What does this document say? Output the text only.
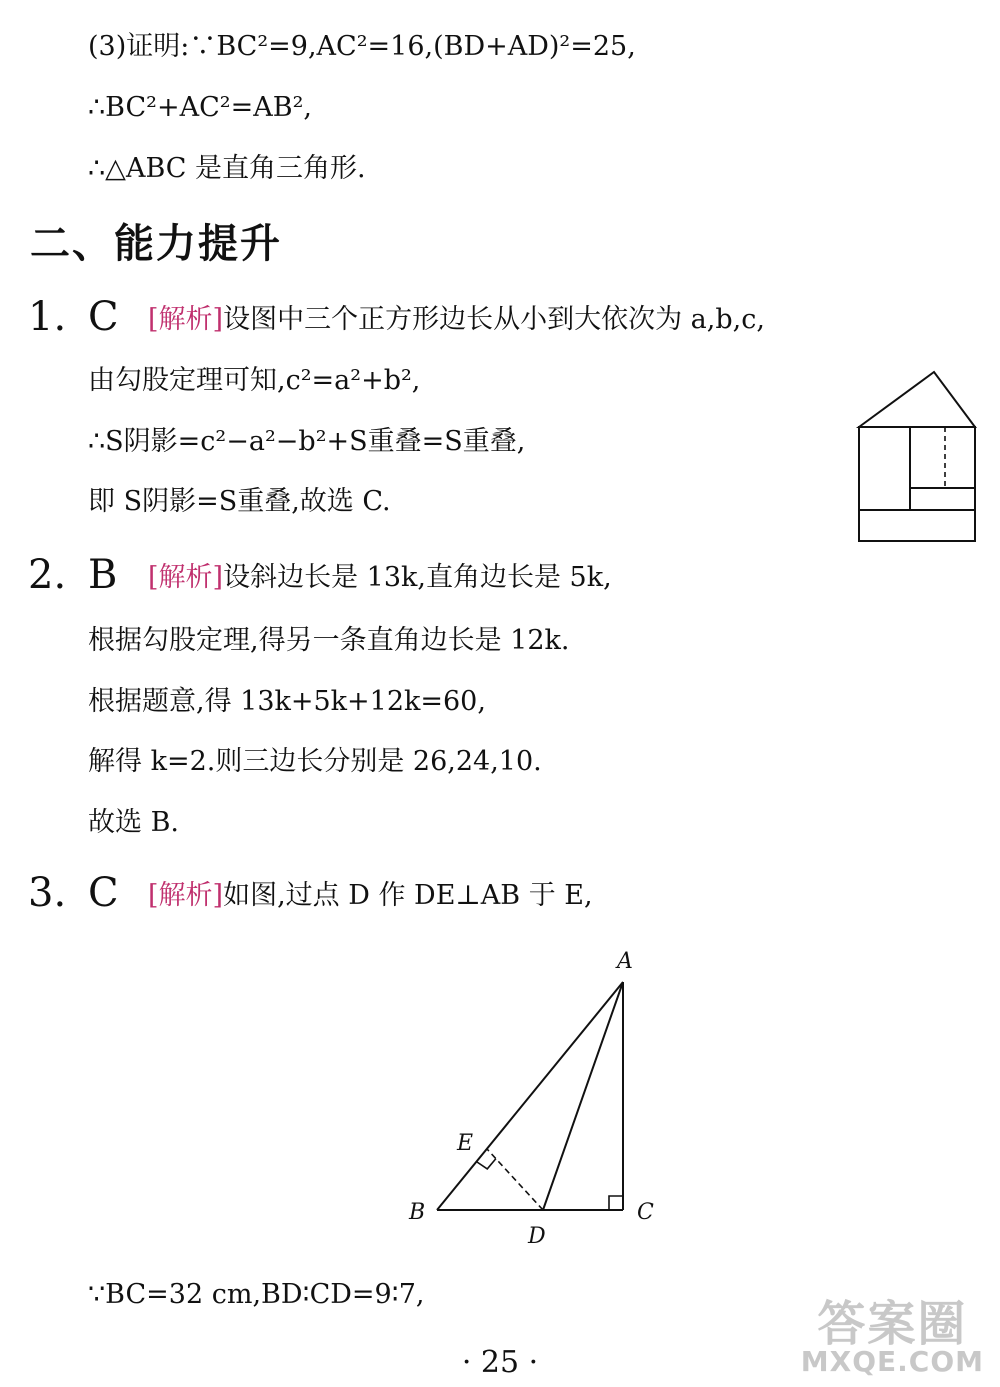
(3)证明:∵BC²=9,AC²=16,(BD+AD)²=25,
∴BC²+AC²=AB²,
∴△ABC 是直角三角形.
二、能力提升
1. C [解析]设图中三个正方形边长从小到大依次为 a,b,c,
由勾股定理可知,c²=a²+b²,
∴S阴影=c²−a²−b²+S重叠=S重叠,
即 S阴影=S重叠,故选 C.
2. B [解析]设斜边长是 13k,直角边长是 5k,
根据勾股定理,得另一条直角边长是 12k.
根据题意,得 13k+5k+12k=60,
解得 k=2.则三边长分别是 26,24,10.
故选 B.
3. C [解析]如图,过点 D 作 DE⊥AB 于 E,
A
B	C
D
E
∵BC=32 cm,BD∶CD=9∶7,
· 25 ·
答案圈
MXQE.COM
